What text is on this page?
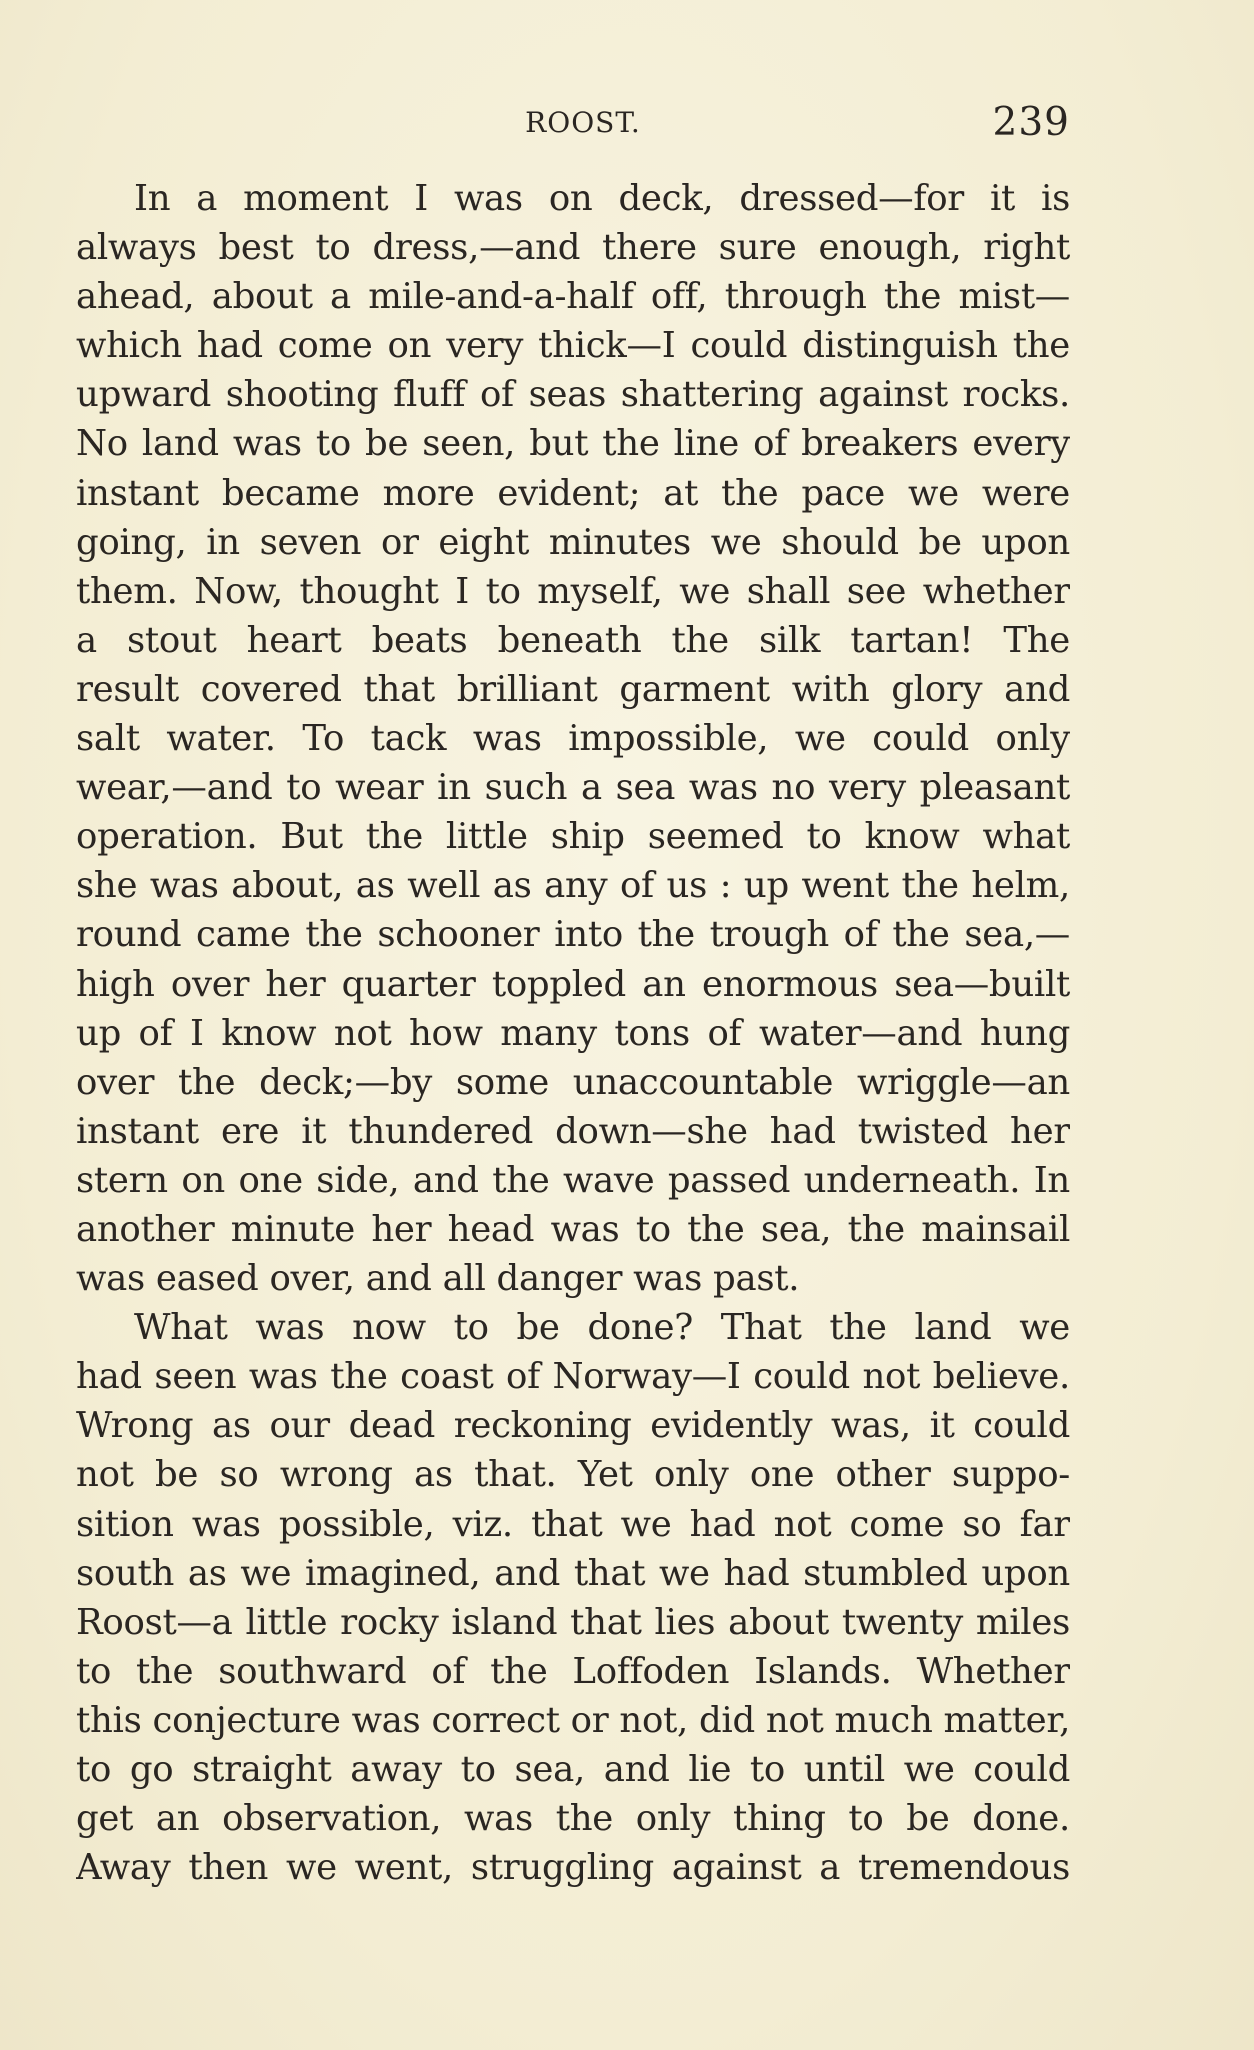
ROOST.	239
In a moment I was on deck, dressed—for it is
always best to dress,—and there sure enough, right
ahead, about a mile-and-a-half off, through the mist—
which had come on very thick—I could distinguish the
upward shooting fluff of seas shattering against rocks.
No land was to be seen, but the line of breakers every
instant became more evident; at the pace we were
going, in seven or eight minutes we should be upon
them. Now, thought I to myself, we shall see whether
a stout heart beats beneath the silk tartan! The
result covered that brilliant garment with glory and
salt water. To tack was impossible, we could only
wear,—and to wear in such a sea was no very pleasant
operation. But the little ship seemed to know what
she was about, as well as any of us : up went the helm,
round came the schooner into the trough of the sea,—
high over her quarter toppled an enormous sea—built
up of I know not how many tons of water—and hung
over the deck;—by some unaccountable wriggle—an
instant ere it thundered down—she had twisted her
stern on one side, and the wave passed underneath. In
another minute her head was to the sea, the mainsail
was eased over, and all danger was past.
What was now to be done? That the land we
had seen was the coast of Norway—I could not believe.
Wrong as our dead reckoning evidently was, it could
not be so wrong as that. Yet only one other suppo-
sition was possible, viz. that we had not come so far
south as we imagined, and that we had stumbled upon
Roost—a little rocky island that lies about twenty miles
to the southward of the Loffoden Islands. Whether
this conjecture was correct or not, did not much matter,
to go straight away to sea, and lie to until we could
get an observation, was the only thing to be done.
Away then we went, struggling against a tremendous
